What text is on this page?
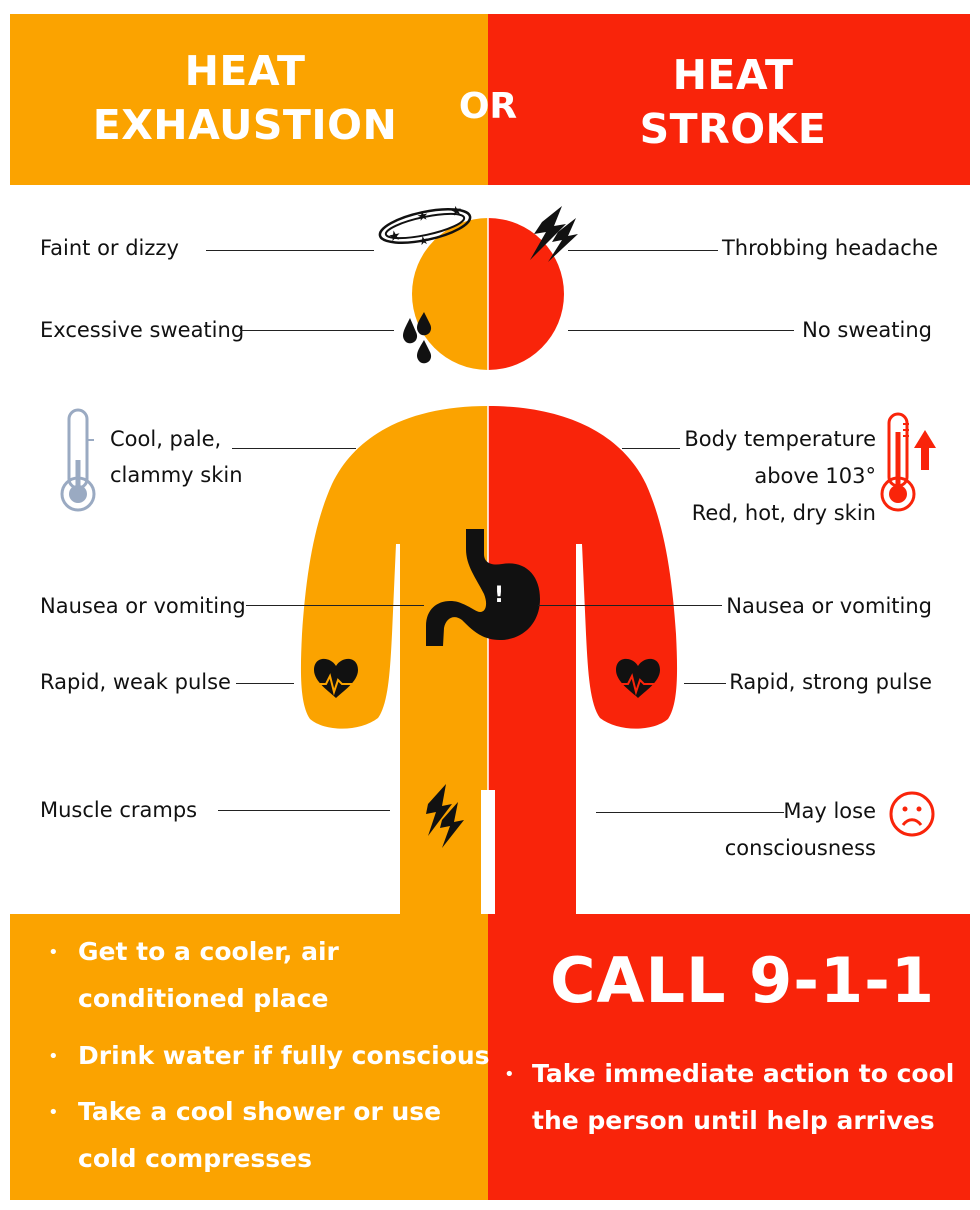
HEAT
EXHAUSTION
HEAT
STROKE
OR
★
★ ★
★
!
Faint or dizzy
Excessive sweating
Cool, pale,
clammy skin
Nausea or vomiting
Rapid, weak pulse
Muscle cramps
Throbbing headache
No sweating
Body temperature
above 103°
Red, hot, dry skin
Nausea or vomiting
Rapid, strong pulse
May lose
consciousness
• Get to a cooler, air
conditioned place
• Drink water if fully conscious
• Take a cool shower or use
cold compresses
CALL 9-1-1
• Take immediate action to cool
the person until help arrives
